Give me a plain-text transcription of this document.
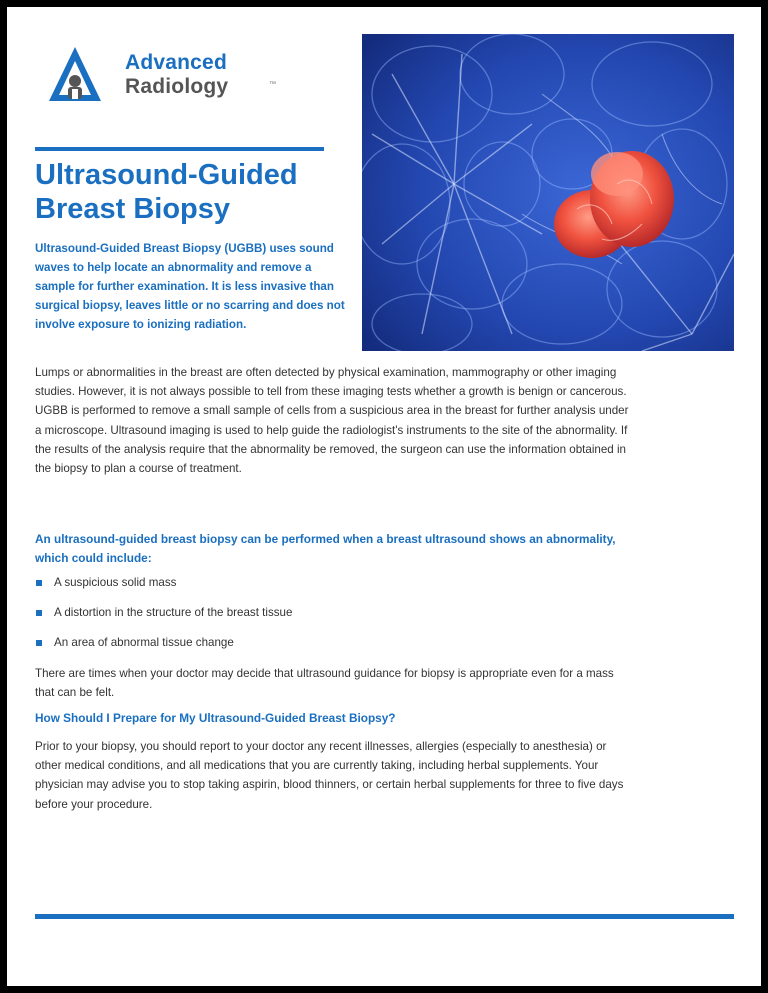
Advanced
Radiology	™
Ultrasound-Guided Breast Biopsy

Ultrasound-Guided Breast Biopsy (UGBB) uses sound waves to help locate an abnormality and remove a sample for further examination. It is less invasive than surgical biopsy, leaves little or no scarring and does not involve exposure to ionizing radiation.

Lumps or abnormalities in the breast are often detected by physical examination, mammography or other imaging studies. However, it is not always possible to tell from these imaging tests whether a growth is benign or cancerous. UGBB is performed to remove a small sample of cells from a suspicious area in the breast for further analysis under a microscope. Ultrasound imaging is used to help guide the radiologist's instruments to the site of the abnormality. If the results of the analysis require that the abnormality be removed, the surgeon can use the information obtained in the biopsy to plan a course of treatment.

An ultrasound-guided breast biopsy can be performed when a breast ultrasound shows an abnormality, which could include:

A suspicious solid mass
A distortion in the structure of the breast tissue
An area of abnormal tissue change

There are times when your doctor may decide that ultrasound guidance for biopsy is appropriate even for a mass that can be felt.

How Should I Prepare for My Ultrasound-Guided Breast Biopsy?

Prior to your biopsy, you should report to your doctor any recent illnesses, allergies (especially to anesthesia) or other medical conditions, and all medications that you are currently taking, including herbal supplements. Your physician may advise you to stop taking aspirin, blood thinners, or certain herbal supplements for three to five days before your procedure.
